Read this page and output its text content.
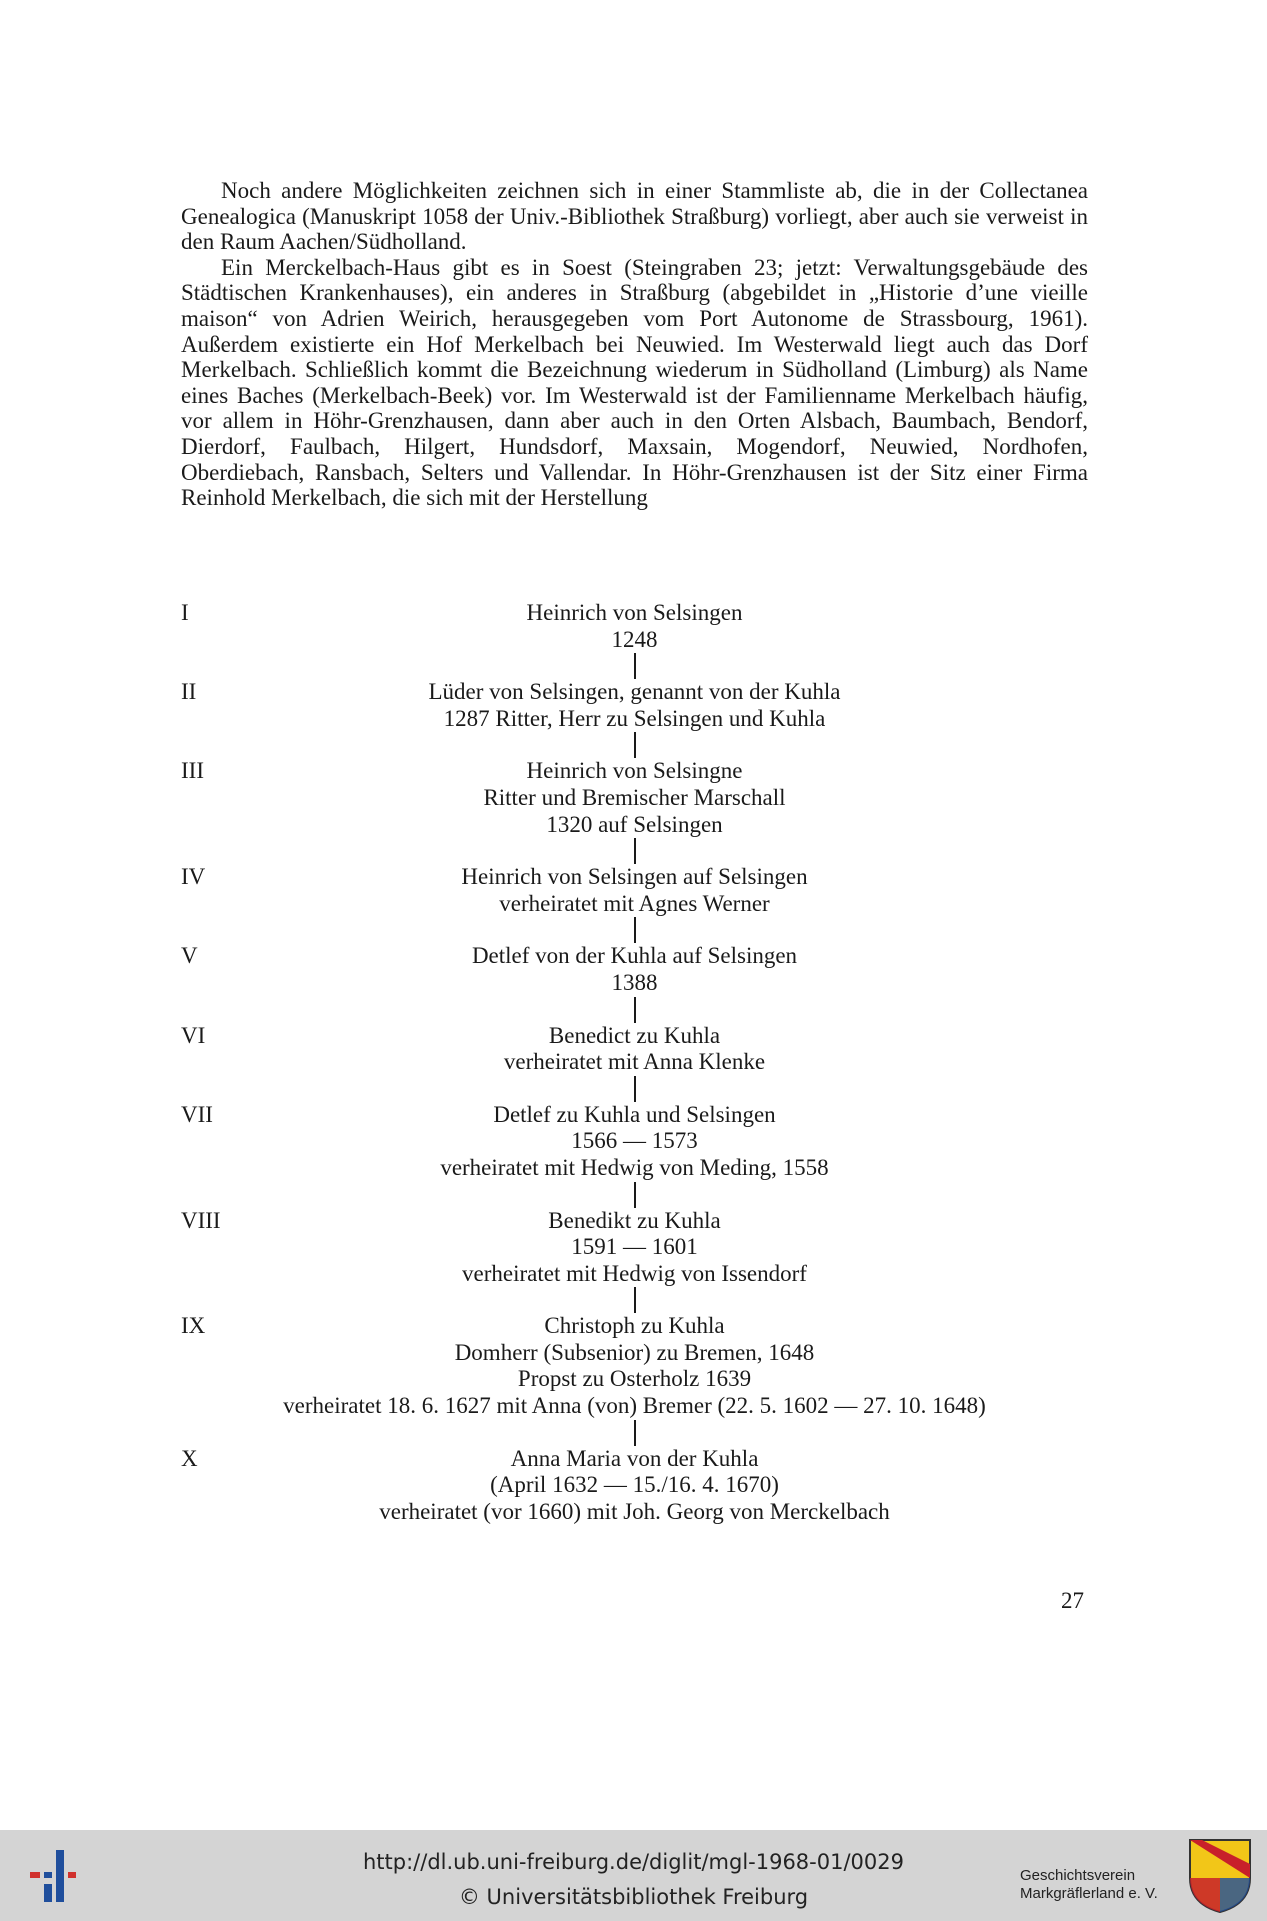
Noch andere Möglichkeiten zeichnen sich in einer Stammliste ab, die in der Collectanea Genealogica (Manuskript 1058 der Univ.-Bibliothek Straßburg) vorliegt, aber auch sie verweist in den Raum Aachen/Südholland.

Ein Merckelbach-Haus gibt es in Soest (Steingraben 23; jetzt: Verwaltungsgebäude des Städtischen Krankenhauses), ein anderes in Straßburg (abgebildet in „Historie d’une vieille maison“ von Adrien Weirich, herausgegeben vom Port Autonome de Strassbourg, 1961). Außerdem existierte ein Hof Merkelbach bei Neuwied. Im Westerwald liegt auch das Dorf Merkelbach. Schließlich kommt die Bezeichnung wiederum in Südholland (Limburg) als Name eines Baches (Merkelbach-Beek) vor. Im Westerwald ist der Familienname Merkelbach häufig, vor allem in Höhr-Grenzhausen, dann aber auch in den Orten Alsbach, Baumbach, Bendorf, Dierdorf, Faulbach, Hilgert, Hundsdorf, Maxsain, Mogendorf, Neuwied, Nordhofen, Oberdiebach, Ransbach, Selters und Vallendar. In Höhr-Grenzhausen ist der Sitz einer Firma Reinhold Merkelbach, die sich mit der Herstellung

I	Heinrich von Selsingen
1248
II	Lüder von Selsingen, genannt von der Kuhla
1287 Ritter, Herr zu Selsingen und Kuhla
III	Heinrich von Selsingne
Ritter und Bremischer Marschall
1320 auf Selsingen
IV	Heinrich von Selsingen auf Selsingen
verheiratet mit Agnes Werner
V	Detlef von der Kuhla auf Selsingen
1388
VI	Benedict zu Kuhla
verheiratet mit Anna Klenke
VII	Detlef zu Kuhla und Selsingen
1566 — 1573
verheiratet mit Hedwig von Meding, 1558
VIII	Benedikt zu Kuhla
1591 — 1601
verheiratet mit Hedwig von Issendorf
IX	Christoph zu Kuhla
Domherr (Subsenior) zu Bremen, 1648
Propst zu Osterholz 1639
verheiratet 18. 6. 1627 mit Anna (von) Bremer (22. 5. 1602 — 27. 10. 1648)
X	Anna Maria von der Kuhla
(April 1632 — 15./16. 4. 1670)
verheiratet (vor 1660) mit Joh. Georg von Merckelbach
27
http://dl.ub.uni-freiburg.de/diglit/mgl-1968-01/0029
© Universitätsbibliothek Freiburg
Geschichtsverein
Markgräflerland e. V.
